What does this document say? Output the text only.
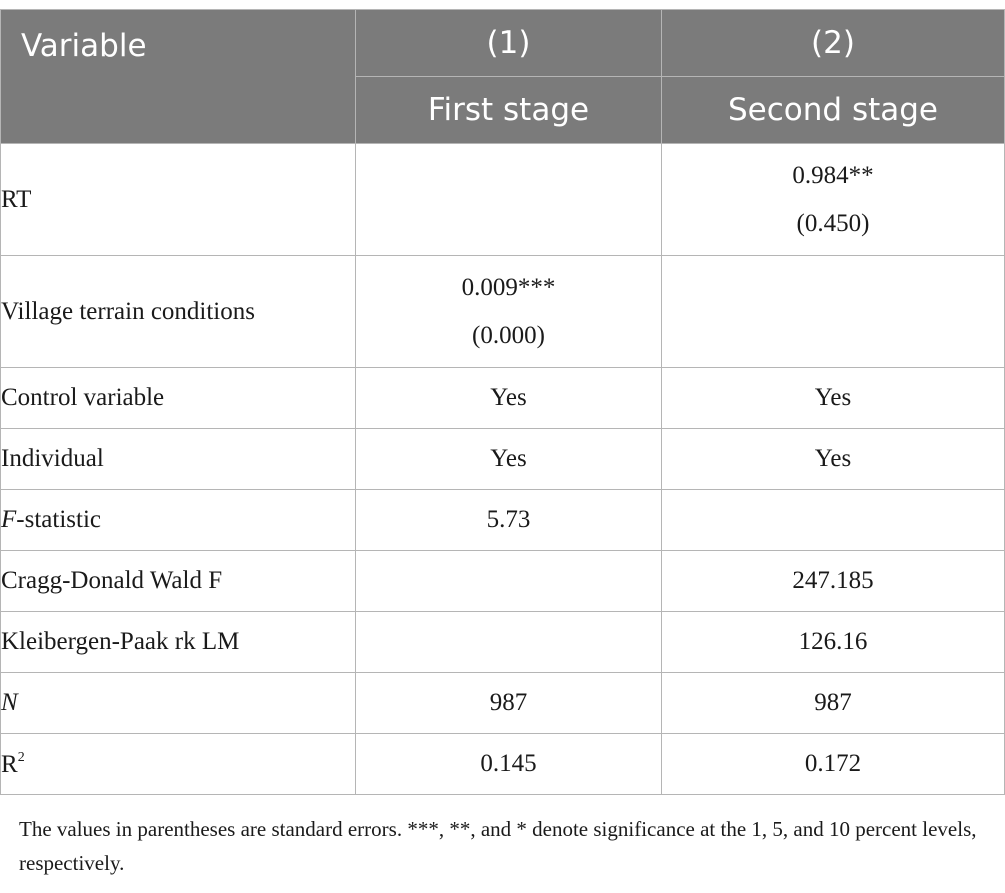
Variable	(1)	(2)
	First stage	Second stage
RT		0.984**
(0.450)

Village terrain conditions	0.009***
(0.000)	

Control variable	Yes	Yes
Individual	Yes	Yes
F-statistic	5.73	
Cragg-Donald Wald F		247.185
Kleibergen-Paak rk LM		126.16
N	987	987
$R^2$	0.145	0.172
The values in parentheses are standard errors. ***, **, and * denote significance at the 1, 5, and 10 percent levels, respectively.
